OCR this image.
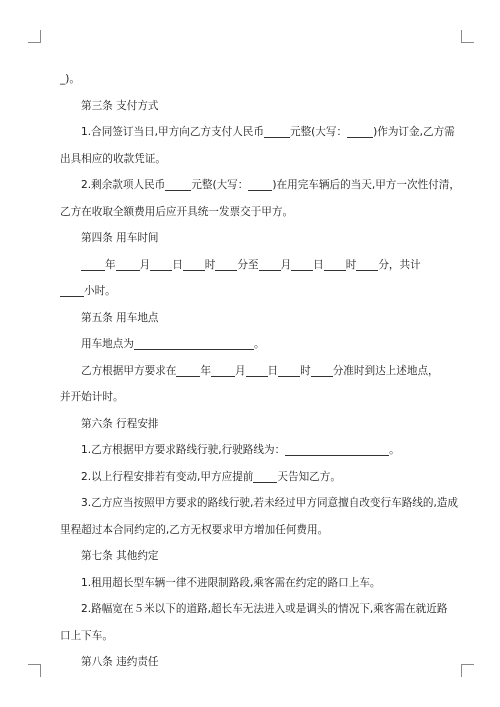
_)。
第三条 支付方式
1.合同签订当日,甲方向乙方支付人民币 元整(大写： )作为订金,乙方需
出具相应的收款凭证。
2.剩余款项人民币 元整(大写： )在用完车辆后的当天,甲方一次性付清，
乙方在收取全额费用后应开具统一发票交于甲方。
第四条 用车时间
年 月 日 时 分至 月 日 时 分，共计
小时。
第五条 用车地点
用车地点为	。
乙方根据甲方要求在 年 月 日 时 分准时到达上述地点，
并开始计时。
第六条 行程安排
1.乙方根据甲方要求路线行驶,行驶路线为：	。
2.以上行程安排若有变动,甲方应提前 天告知乙方。
3.乙方应当按照甲方要求的路线行驶,若未经过甲方同意擅自改变行车路线的,造成
里程超过本合同约定的,乙方无权要求甲方增加任何费用。
第七条 其他约定
1.租用超长型车辆一律不进限制路段,乘客需在约定的路口上车。
2.路幅宽在５米以下的道路,超长车无法进入或是调头的情况下,乘客需在就近路
口上下车。
第八条 违约责任
